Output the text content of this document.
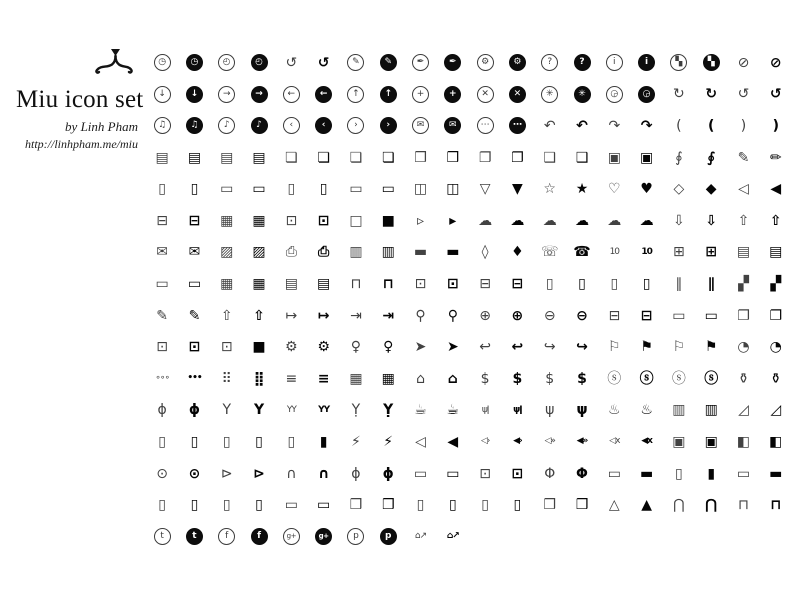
Miu icon set
by Linh Pham
http://linhpham.me/miu
◷	◷	◴	◴	↺ ↺	✎	✎	✒	✒	⚙	⚙	?	?	i	i	▚	▚	⊘ ⊘
↓	↓	→	→	←	←	↑	↑	+	+	✕	✕	✳	✳	◶	◶	↻ ↻ ↺ ↺
♫	♫	♪	♪	‹	‹	›	›	✉	✉	⋯	⋯ ↶ ↶ ↷ ↷ ( ( ) )
▤ ▤ ▤ ▤ ❏ ❏ ❏ ❏ ❒ ❒ ❐ ❐ ❑ ❑ ▣ ▣ ∮ ∮ ✎ ✏
▯ ▯ ▭ ▭ ▯ ▯ ▭ ▭ ◫ ◫ ▽ ▼ ☆ ★ ♡ ♥ ◇ ◆ ◁ ◀
⊟ ⊟ ▦ ▦ ⊡ ⊡ □ ■ ▹ ▸ ☁ ☁ ☁ ☁ ☁ ☁ ⇩ ⇩ ⇧ ⇧
✉ ✉ ▨ ▨ ⎙ ⎙ ▥ ▥ ▬ ▬ ◊ ♦ ☏ ☎ 10 10 ⊞ ⊞ ▤ ▤
▭ ▭ ▦ ▦ ▤ ▤ ⊓ ⊓ ⊡ ⊡ ⊟ ⊟ ▯ ▯ ▯ ▯ ∥ ∥ ▞ ▞
✎ ✎ ⇧ ⇧ ↦ ↦ ⇥ ⇥ ⚲ ⚲ ⊕ ⊕ ⊖ ⊖ ⊟ ⊟ ▭ ▭ ❐ ❐
⊡ ⊡ ⊡ ■ ⚙ ⚙ ♀ ♀ ➤ ➤ ↩ ↩ ↪ ↪ ⚐ ⚑ ⚐ ⚑ ◔ ◔
∘∘∘ ••• ⠿ ⣿ ≡ ≡ ▦ ▦ ⌂ ⌂ $ $ $ $ ⓢ ⓢ ⓢ ⓢ ⚱ ⚱
ϕ ϕ Y Y	YY YY Ỵ Ỵ ☕ ☕	ψǀ	ψǀ ψ ψ ♨ ♨ ▥ ▥ ◿ ◿
▯ ▯ ▯ ▯ ▯ ▮ ⚡ ⚡ ◁ ◀	◁›	◀›	◁» ◀» ◁x ◀x ▣ ▣ ◧ ◧
⊙ ⊙ ⊳ ⊳ ∩ ∩ ɸ ɸ ▭ ▭ ⊡ ⊡ Φ Φ ▭ ▬ ▯ ▮ ▭ ▬
▯ ▯ ▯ ▯ ▭ ▭ ❒ ❒ ▯ ▯ ▯ ▯ ❒ ❒ △ ▲ ⋂ ⋂ ⊓ ⊓
t	t	f	f	g+	g+	p	p	⌂↗ ⌂↗
